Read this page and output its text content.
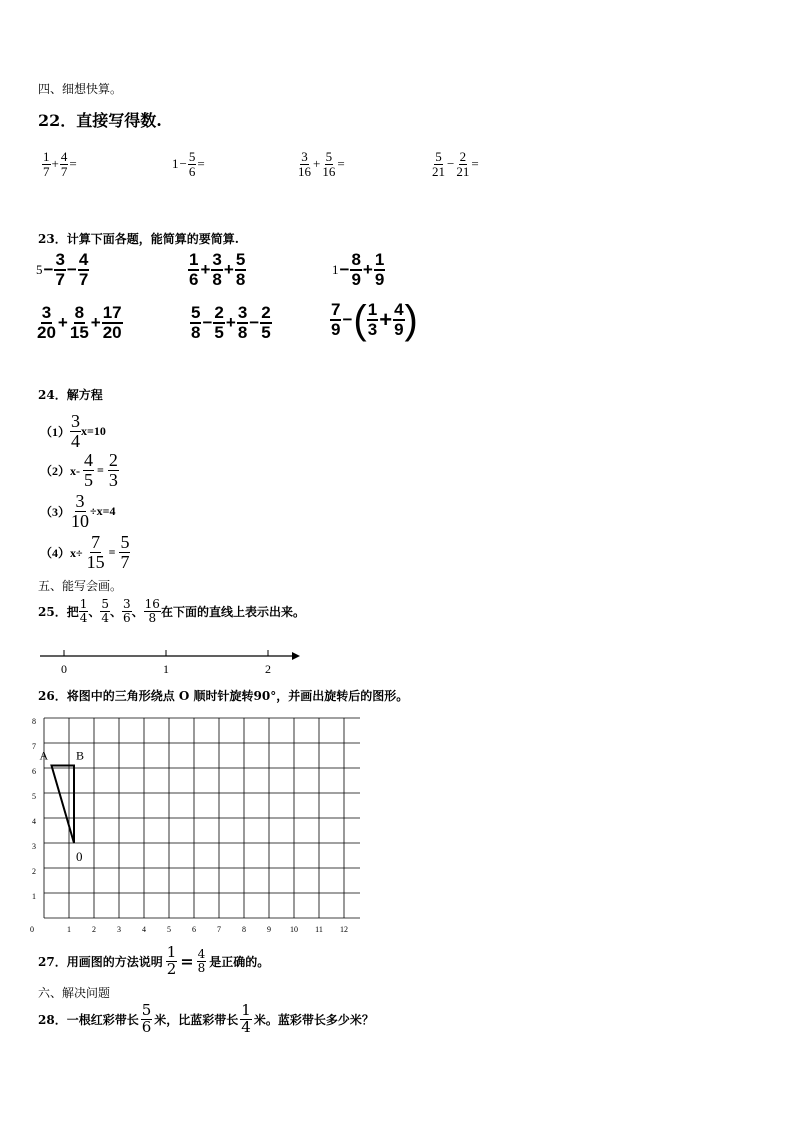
四、细想快算。
22．直接写得数.
$\frac{1}{7} + \frac{4}{7}$ =	$1 - \frac{5}{6}$ =	$\frac{3}{16} + \frac{5}{16}$ =	$\frac{5}{21} - \frac{2}{21}$ =
23．计算下面各题，能简算的要简算.
$5 - \frac{3}{7} - \frac{4}{7}$	$\frac{1}{6} + \frac{3}{8} + \frac{5}{8}$	$1 - \frac{8}{9} + \frac{1}{9}$
$\frac{3}{20} + \frac{8}{15} + \frac{17}{20}$	$\frac{5}{8} - \frac{2}{5} + \frac{3}{8} - \frac{2}{5}$	$\frac{7}{9}$ − ( $\frac{1}{3} + \frac{4}{9}$ )
24．解方程
$(1) \frac{3}{4} x=10$
$(2)x- \frac{4}{5} = \frac{2}{3}$
$(3) \frac{3}{10} \div x=4$
$(4)x\div \frac{7}{15} = \frac{5}{7}$
五、能写会画。
25．把 $\frac{1}{4}$ 、 $\frac{5}{4}$ 、 $\frac{3}{6}$ 、 $\frac{16}{8}$ 在下面的直线上表示出来。
0	1	2
26．将图中的三角形绕点 O 顺时针旋转90°，并画出旋转后的图形。
0	1	2	3	4	5	6	7	8	9 10 11 12
1
2
3
4
5
6
7
8
A B
0
27．用画图的方法说明 $\frac{1}{2} = \frac{4}{8}$ 是正确的。
六、解决问题
28．一根红彩带长 $\frac{5}{6}$ 米，比蓝彩带长 $\frac{1}{4}$ 米。蓝彩带长多少米？
